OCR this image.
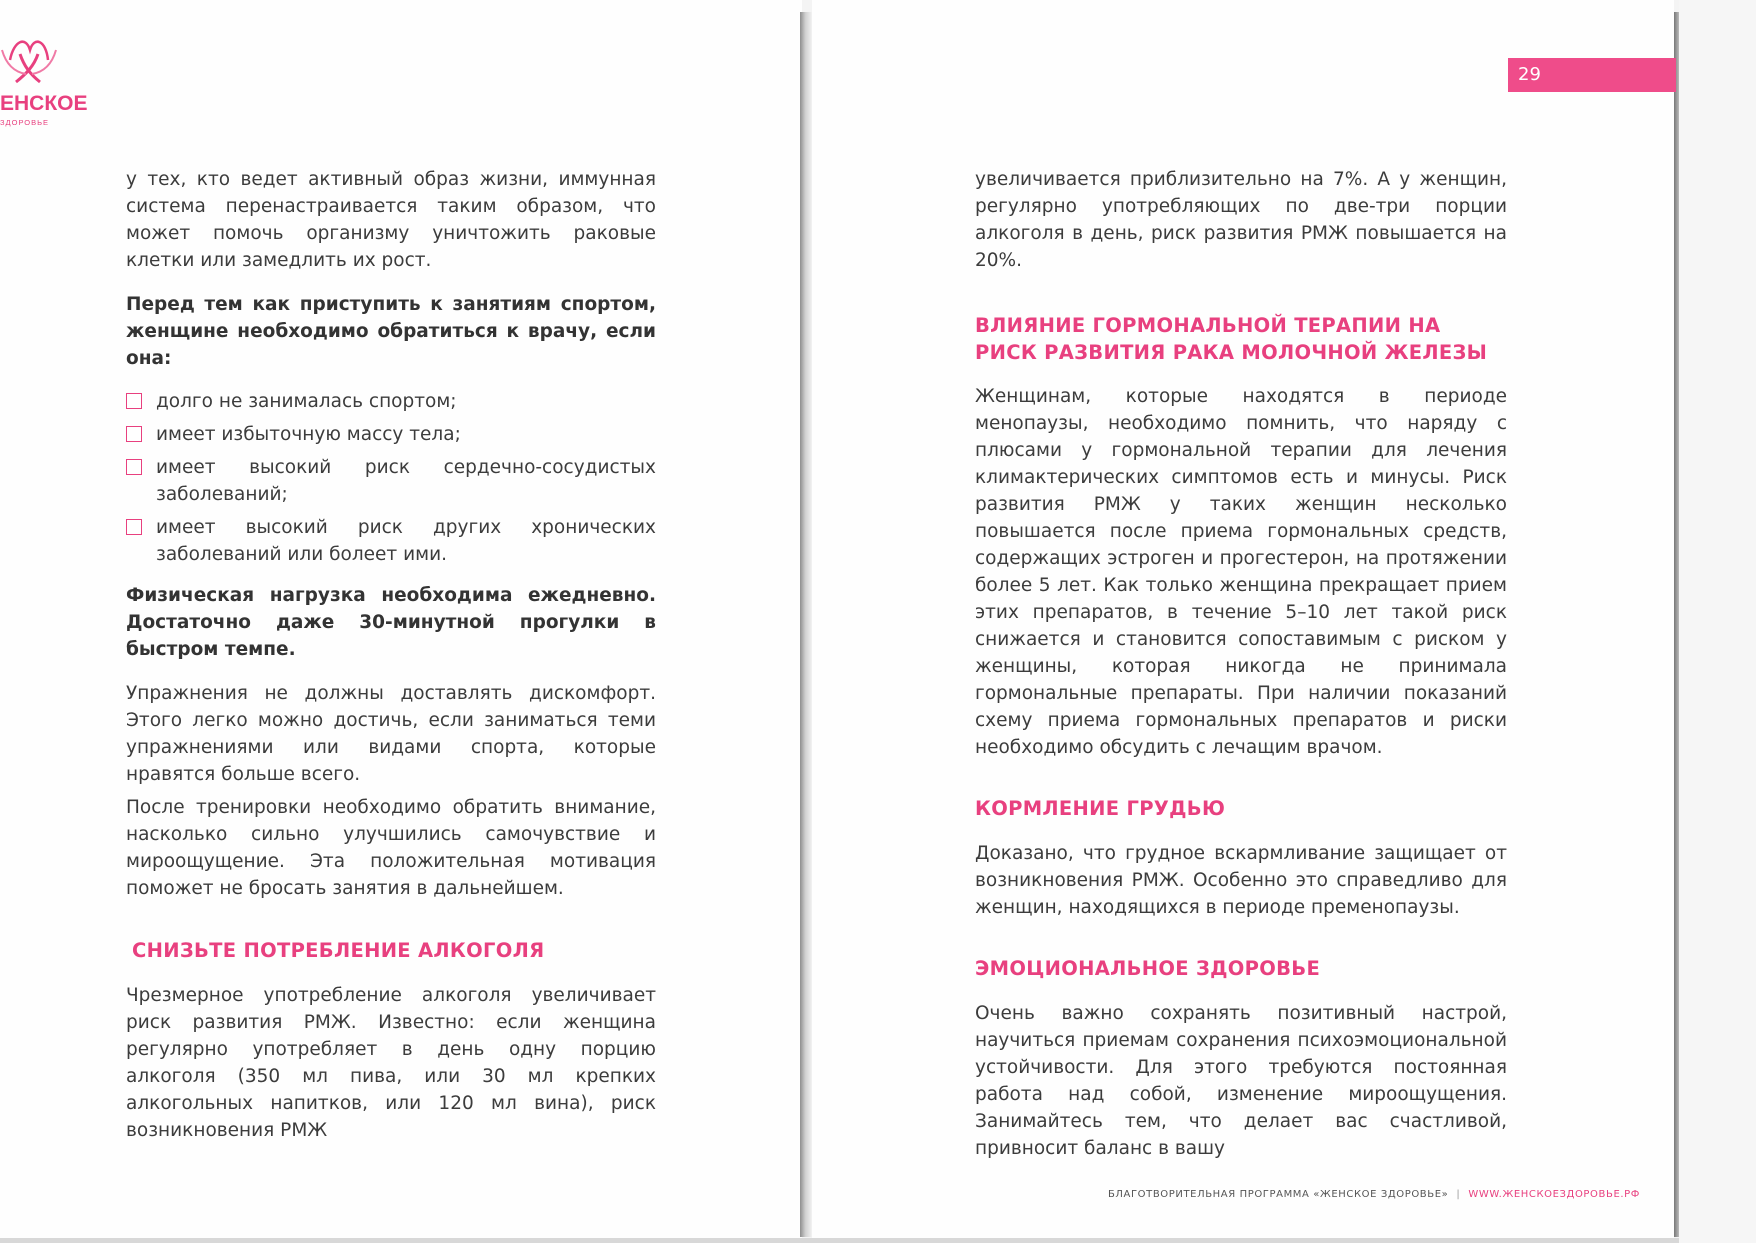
ЕНСКОЕ
ЗДОРОВЬЕ

у тех, кто ведет активный образ жизни, иммунная система перенастраивается таким образом, что может помочь организму уничтожить раковые клетки или замедлить их рост.

Перед тем как приступить к занятиям спортом, женщине необходимо обратиться к врачу, если она:

долго не занималась спортом;
имеет избыточную массу тела;
имеет высокий риск сердечно-сосудистых заболеваний;
имеет высокий риск других хронических заболеваний или болеет ими.

Физическая нагрузка необходима ежедневно. Достаточно даже 30-минутной прогулки в быстром темпе.

Упражнения не должны доставлять дискомфорт. Этого легко можно достичь, если заниматься теми упражнениями или видами спорта, которые нравятся больше всего.

После тренировки необходимо обратить внимание, насколько сильно улучшились самочувствие и мироощущение. Эта положительная мотивация поможет не бросать занятия в дальнейшем.

СНИЗЬТЕ ПОТРЕБЛЕНИЕ АЛКОГОЛЯ

Чрезмерное употребление алкоголя увеличивает риск развития РМЖ. Известно: если женщина регулярно употребляет в день одну порцию алкоголя (350 мл пива, или 30 мл крепких алкогольных напитков, или 120 мл вина), риск возникновения РМЖ

29

увеличивается приблизительно на 7%. А у женщин, регулярно употребляющих по две-три порции алкоголя в день, риск развития РМЖ повышается на 20%.

ВЛИЯНИЕ ГОРМОНАЛЬНОЙ ТЕРАПИИ НА РИСК РАЗВИТИЯ РАКА МОЛОЧНОЙ ЖЕЛЕЗЫ

Женщинам, которые находятся в периоде менопаузы, необходимо помнить, что наряду с плюсами у гормональной терапии для лечения климактерических симптомов есть и минусы. Риск развития РМЖ у таких женщин несколько повышается после приема гормональных средств, содержащих эстроген и прогестерон, на протяжении более 5 лет. Как только женщина прекращает прием этих препаратов, в течение 5–10 лет такой риск снижается и становится сопоставимым с риском у женщины, которая никогда не принимала гормональные препараты. При наличии показаний схему приема гормональных препаратов и риски необходимо обсудить с лечащим врачом.

КОРМЛЕНИЕ ГРУДЬЮ

Доказано, что грудное вскармливание защищает от возникновения РМЖ. Особенно это справедливо для женщин, находящихся в периоде пременопаузы.

ЭМОЦИОНАЛЬНОЕ ЗДОРОВЬЕ

Очень важно сохранять позитивный настрой, научиться приемам сохранения психоэмоциональной устойчивости. Для этого требуются постоянная работа над собой, изменение мироощущения. Занимайтесь тем, что делает вас счастливой, привносит баланс в вашу

БЛАГОТВОРИТЕЛЬНАЯ ПРОГРАММА «ЖЕНСКОЕ ЗДОРОВЬЕ» | WWW.ЖЕНСКОЕЗДОРОВЬЕ.РФ
